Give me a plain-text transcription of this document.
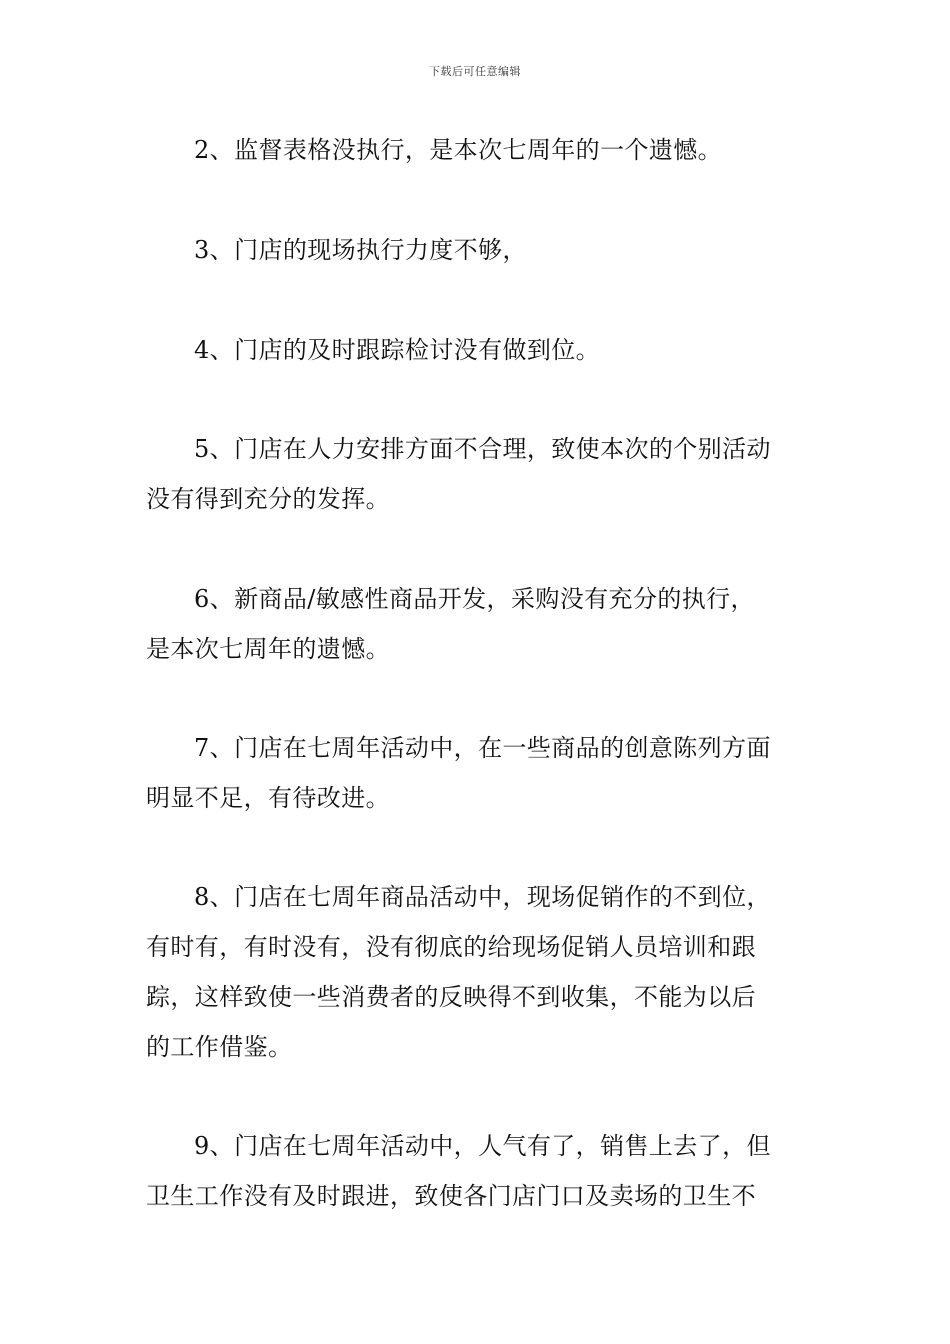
下载后可任意编辑
2、监督表格没执行，是本次七周年的一个遗憾。
3、门店的现场执行力度不够，
4、门店的及时跟踪检讨没有做到位。
5、门店在人力安排方面不合理，致使本次的个别活动
没有得到充分的发挥。
6、新商品/敏感性商品开发，采购没有充分的执行，
是本次七周年的遗憾。
7、门店在七周年活动中，在一些商品的创意陈列方面
明显不足，有待改进。
8、门店在七周年商品活动中，现场促销作的不到位，
有时有，有时没有，没有彻底的给现场促销人员培训和跟
踪，这样致使一些消费者的反映得不到收集，不能为以后
的工作借鉴。
9、门店在七周年活动中，人气有了，销售上去了，但
卫生工作没有及时跟进，致使各门店门口及卖场的卫生不
